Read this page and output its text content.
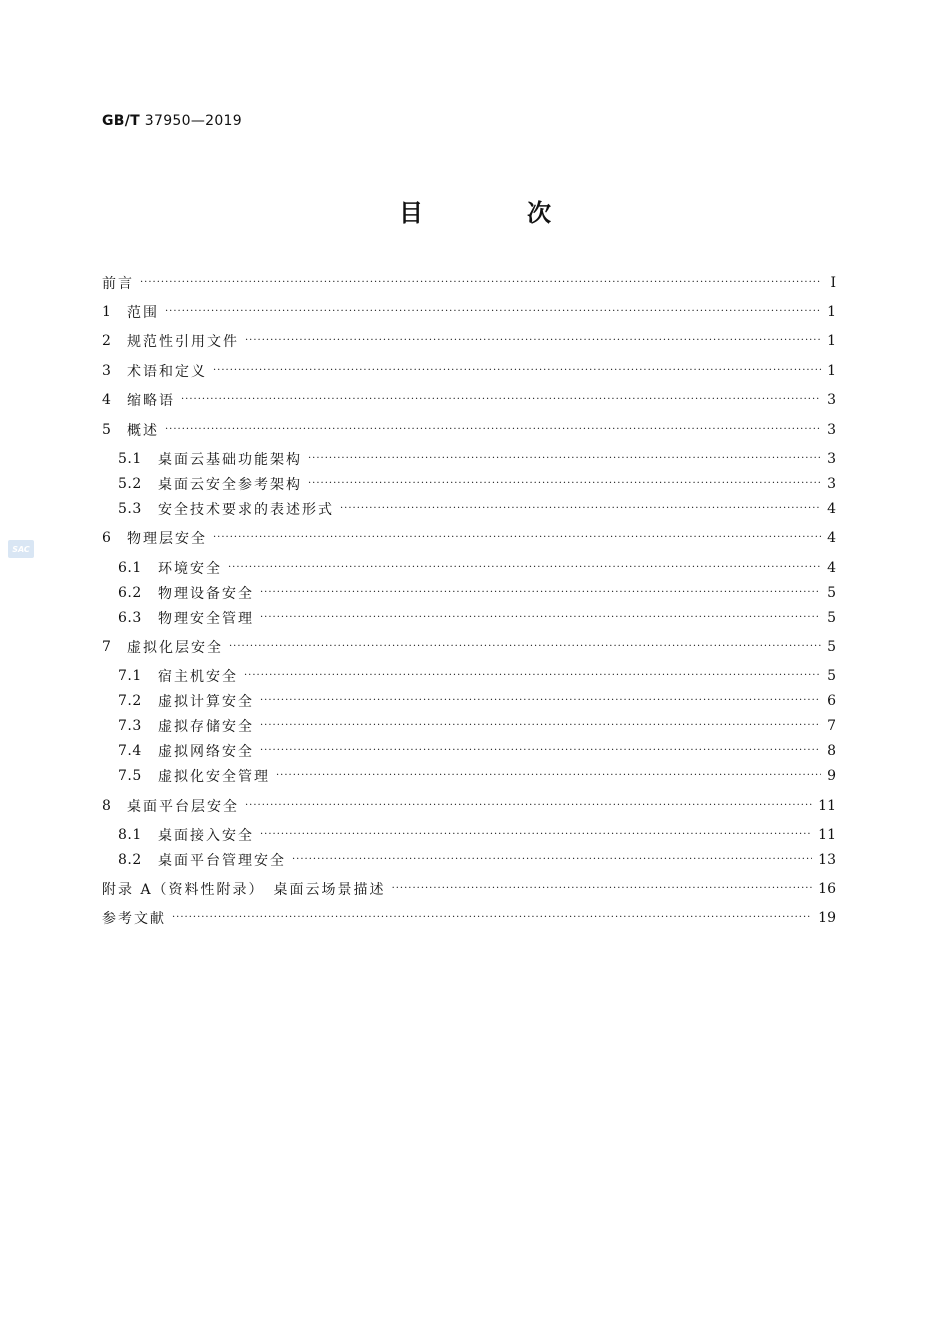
GB/T 37950—2019
目　次
SAC
前言 ·····	I
1	范围 ·····	1
2	规范性引用文件 ·····	1
3	术语和定义 ·····	1
4	缩略语 ·····	3
5	概述 ·····	3
5.1	桌面云基础功能架构 ·····	3
5.2	桌面云安全参考架构 ·····	3
5.3	安全技术要求的表述形式 ·····	4
6	物理层安全 ·····	4
6.1	环境安全 ·····	4
6.2	物理设备安全 ·····	5
6.3	物理安全管理 ·····	5
7	虚拟化层安全 ·····	5
7.1	宿主机安全 ·····	5
7.2	虚拟计算安全 ·····	6
7.3	虚拟存储安全 ·····	7
7.4	虚拟网络安全 ·····	8
7.5	虚拟化安全管理 ·····	9
8	桌面平台层安全 ·····	11
8.1	桌面接入安全 ·····	11
8.2	桌面平台管理安全 ·····	13
附录 A（资料性附录）　桌面云场景描述 ·····	16
参考文献 ·····	19
